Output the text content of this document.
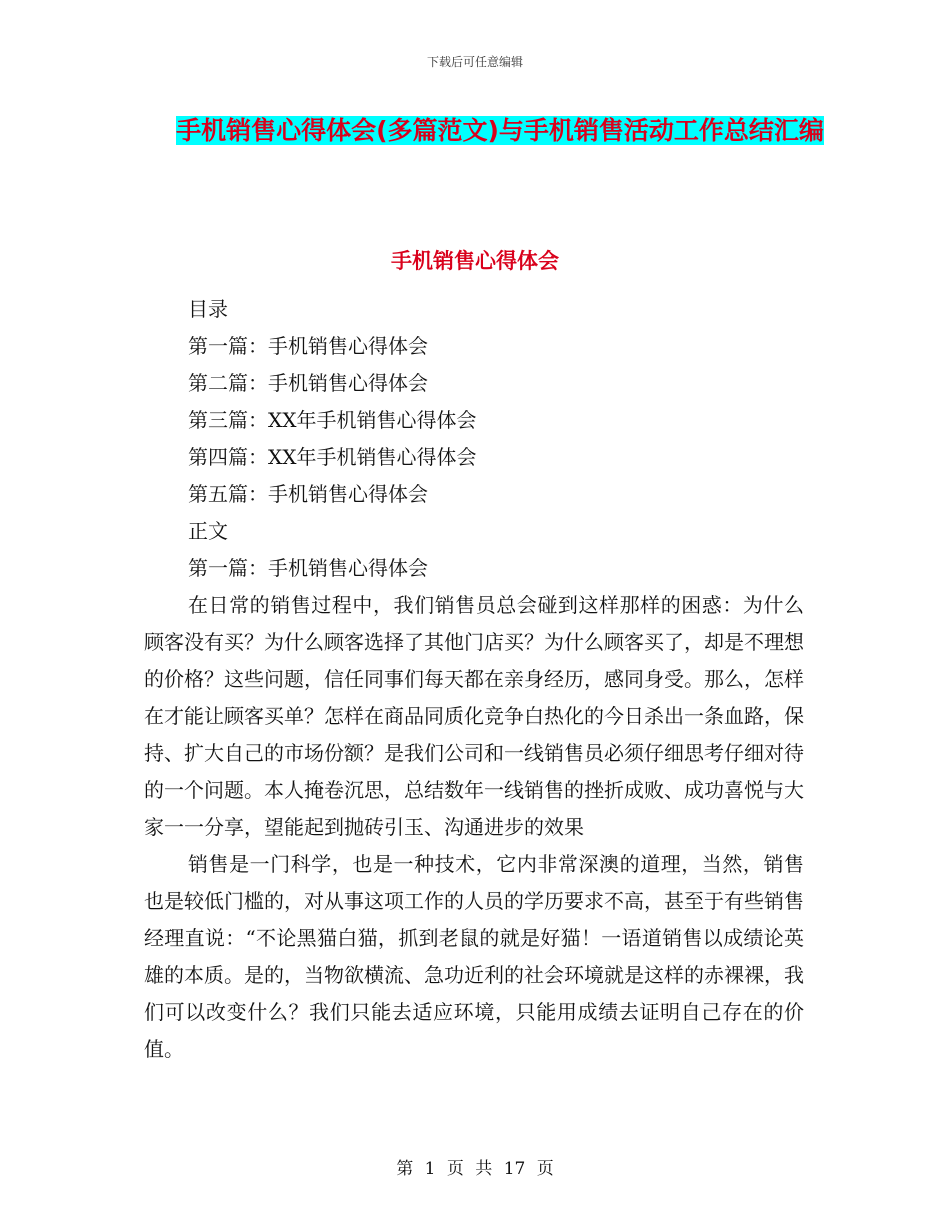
下载后可任意编辑
手机销售心得体会(多篇范文)与手机销售活动工作总结汇编
手机销售心得体会
目录
第一篇：手机销售心得体会
第二篇：手机销售心得体会
第三篇：XX年手机销售心得体会
第四篇：XX年手机销售心得体会
第五篇：手机销售心得体会
正文
第一篇：手机销售心得体会

在日常的销售过程中，我们销售员总会碰到这样那样的困惑：为什么顾客没有买？为什么顾客选择了其他门店买？为什么顾客买了，却是不理想的价格？这些问题，信任同事们每天都在亲身经历，感同身受。那么，怎样在才能让顾客买单？怎样在商品同质化竞争白热化的今日杀出一条血路，保持、扩大自己的市场份额？是我们公司和一线销售员必须仔细思考仔细对待的一个问题。本人掩卷沉思，总结数年一线销售的挫折成败、成功喜悦与大家一一分享，望能起到抛砖引玉、沟通进步的效果

销售是一门科学，也是一种技术，它内非常深澳的道理，当然，销售也是较低门槛的，对从事这项工作的人员的学历要求不高，甚至于有些销售经理直说：“不论黑猫白猫，抓到老鼠的就是好猫！一语道销售以成绩论英雄的本质。是的，当物欲横流、急功近利的社会环境就是这样的赤裸裸，我们可以改变什么？我们只能去适应环境，只能用成绩去证明自己存在的价值。

第 1 页 共 17 页
